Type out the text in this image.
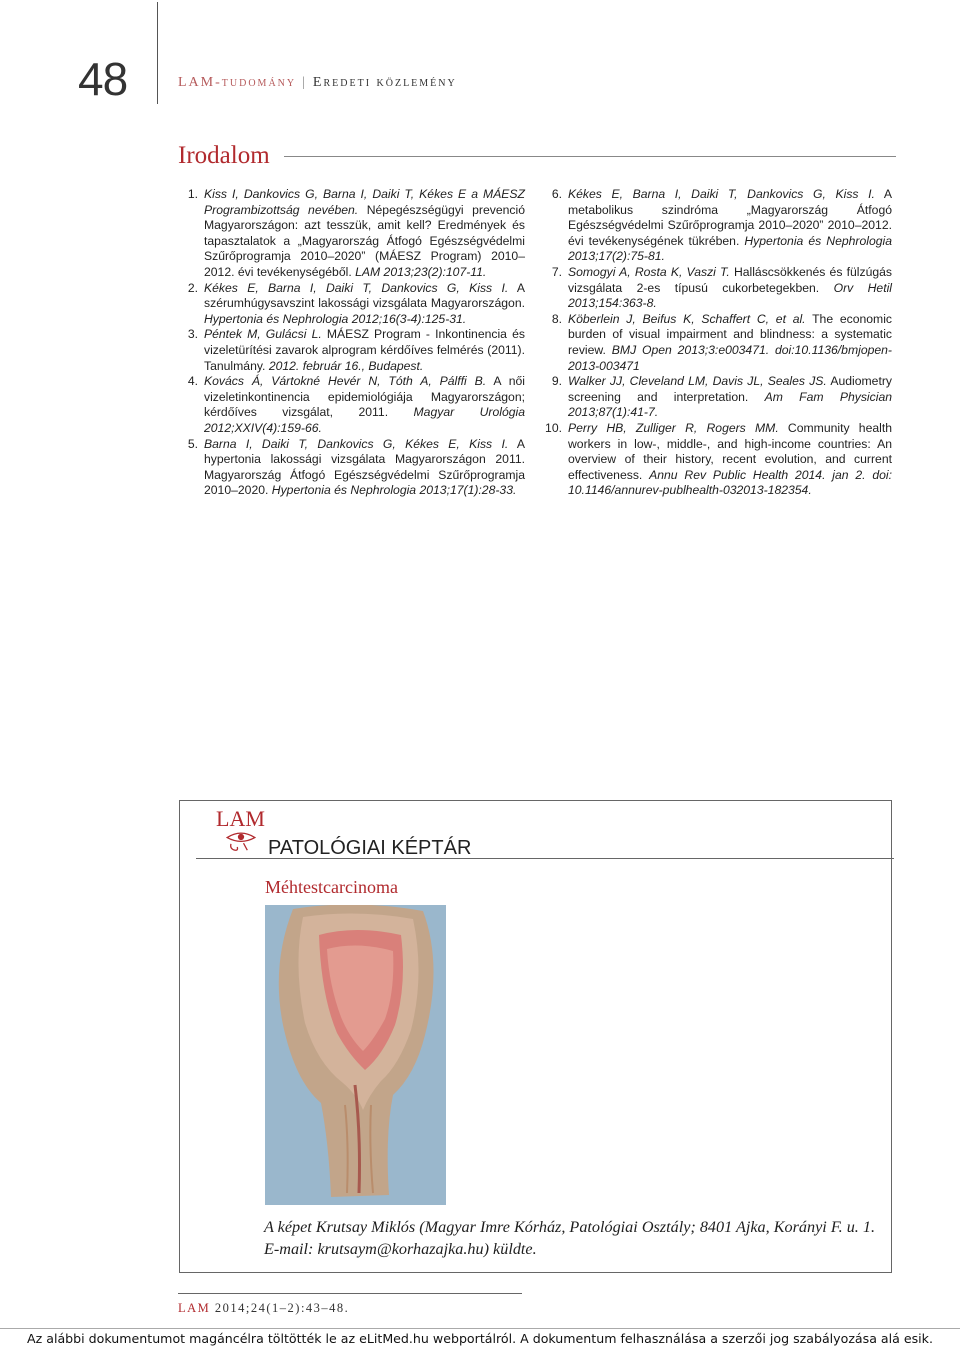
48	LAM-tudomány | Eredeti közlemény
Irodalom

1. Kiss I, Dankovics G, Barna I, Daiki T, Kékes E a MÁESZ Programbizottság nevében. Népegészségügyi prevenció Magyarországon: azt tesszük, amit kell? Eredmények és tapasztalatok a „Magyarország Átfogó Egészségvédelmi Szűrőprogramja 2010–2020” (MÁESZ Program) 2010–2012. évi tevékenységéből. LAM 2013;23(2):107-11.

2. Kékes E, Barna I, Daiki T, Dankovics G, Kiss I. A szérumhúgysavszint lakossági vizsgálata Magyarországon. Hypertonia és Nephrologia 2012;16(3-4):125-31.

3. Péntek M, Gulácsi L. MÁESZ Program - Inkontinencia és vizeletürítési zavarok alprogram kérdőíves felmérés (2011). Tanulmány. 2012. február 16., Budapest.

4. Kovács Á, Vártokné Hevér N, Tóth A, Pálffi B. A női vizeletinkontinencia epidemiológiája Magyarországon; kérdőíves vizsgálat, 2011. Magyar Urológia 2012;XXIV(4):159-66.

5. Barna I, Daiki T, Dankovics G, Kékes E, Kiss I. A hypertonia lakossági vizsgálata Magyarországon 2011. Magyarország Átfogó Egészségvédelmi Szűrőprogramja 2010–2020. Hypertonia és Nephrologia 2013;17(1):28-33.

6. Kékes E, Barna I, Daiki T, Dankovics G, Kiss I. A metabolikus szindróma „Magyarország Átfogó Egészségvédelmi Szűrőprogramja 2010–2020” 2010–2012. évi tevékenységének tükrében. Hypertonia és Nephrologia 2013;17(2):75-81.

7. Somogyi A, Rosta K, Vaszi T. Halláscsökkenés és fülzúgás vizsgálata 2-es típusú cukorbetegekben. Orv Hetil 2013;154:363-8.

8. Köberlein J, Beifus K, Schaffert C, et al. The economic burden of visual impairment and blindness: a systematic review. BMJ Open 2013;3:e003471. doi:10.1136/bmjopen-2013-003471

9. Walker JJ, Cleveland LM, Davis JL, Seales JS. Audiometry screening and interpretation. Am Fam Physician 2013;87(1):41-7.

10. Perry HB, Zulliger R, Rogers MM. Community health workers in low-, middle-, and high-income countries: An overview of their history, recent evolution, and current effectiveness. Annu Rev Public Health 2014. jan 2. doi: 10.1146/annurev-publhealth-032013-182354.

LAM
PATOLÓGIAI KÉPTÁR
Méhtestcarcinoma
A képet Krutsay Miklós (Magyar Imre Kórház, Patológiai Osztály; 8401 Ajka, Korányi F. u. 1. E-mail: krutsaym@korhazajka.hu) küldte.
LAM 2014;24(1–2):43–48.
Az alábbi dokumentumot magáncélra töltötték le az eLitMed.hu webportálról. A dokumentum felhasználása a szerzői jog szabályozása alá esik.
